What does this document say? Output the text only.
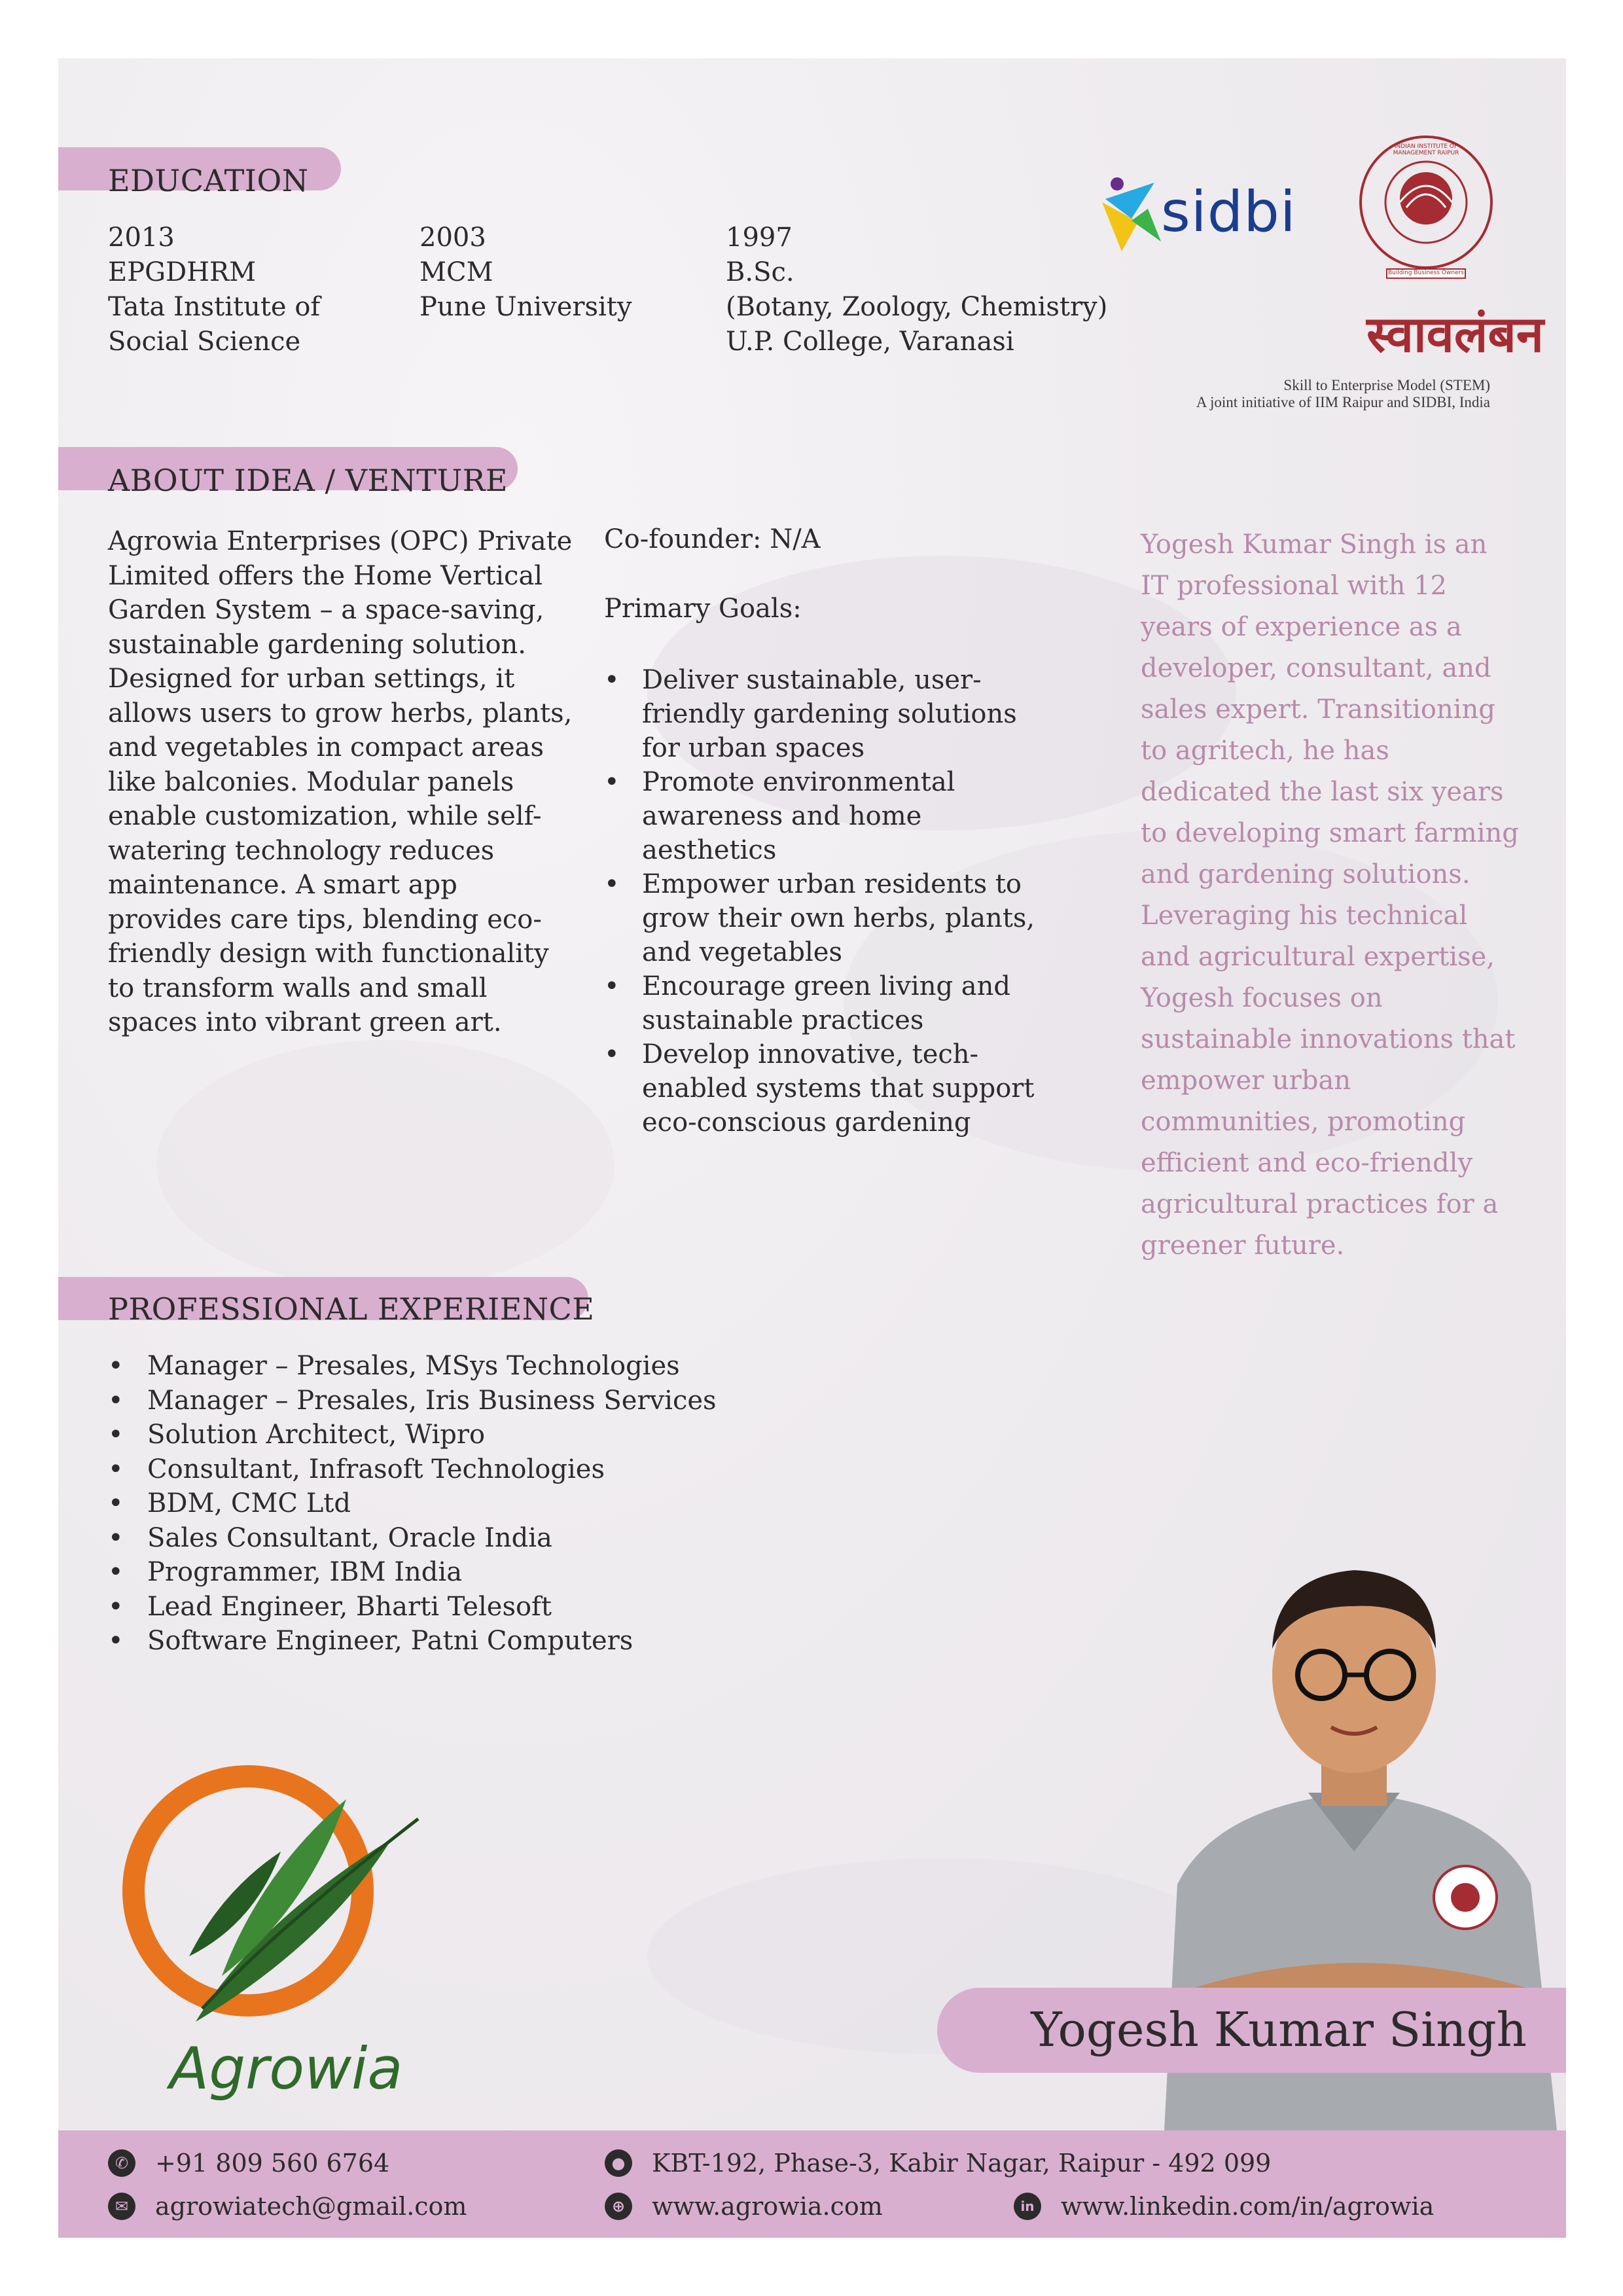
EDUCATION
2013
EPGDHRM
Tata Institute of
Social Science
2003
MCM
Pune University
1997
B.Sc.
(Botany, Zoology, Chemistry)
U.P. College, Varanasi
sidbi
INDIAN INSTITUTE OF MANAGEMENT RAIPUR
Building Business Owners
स्वावलंबन
Skill to Enterprise Model (STEM)
A joint initiative of IIM Raipur and SIDBI, India
ABOUT IDEA / VENTURE
Agrowia Enterprises (OPC) Private Limited offers the Home Vertical Garden System – a space-saving, sustainable gardening solution. Designed for urban settings, it allows users to grow herbs, plants, and vegetables in compact areas like balconies. Modular panels enable customization, while self-watering technology reduces maintenance. A smart app provides care tips, blending eco-friendly design with functionality to transform walls and small spaces into vibrant green art.
Co-founder: N/A
Primary Goals:
• Deliver sustainable, user-friendly gardening solutions for urban spaces
• Promote environmental awareness and home aesthetics
• Empower urban residents to grow their own herbs, plants, and vegetables
• Encourage green living and sustainable practices
• Develop innovative, tech-enabled systems that support eco-conscious gardening
Yogesh Kumar Singh is an IT professional with 12 years of experience as a developer, consultant, and sales expert. Transitioning to agritech, he has dedicated the last six years to developing smart farming and gardening solutions. Leveraging his technical and agricultural expertise, Yogesh focuses on sustainable innovations that empower urban communities, promoting efficient and eco-friendly agricultural practices for a greener future.
PROFESSIONAL EXPERIENCE
• Manager – Presales, MSys Technologies
• Manager – Presales, Iris Business Services
• Solution Architect, Wipro
• Consultant, Infrasoft Technologies
• BDM, CMC Ltd
• Sales Consultant, Oracle India
• Programmer, IBM India
• Lead Engineer, Bharti Telesoft
• Software Engineer, Patni Computers
Agrowia
Yogesh Kumar Singh
✆ +91 809 560 6764
✉ agrowiatech@gmail.com
● KBT-192, Phase-3, Kabir Nagar, Raipur - 492 099
⊕ www.agrowia.com	in www.linkedin.com/in/agrowia
